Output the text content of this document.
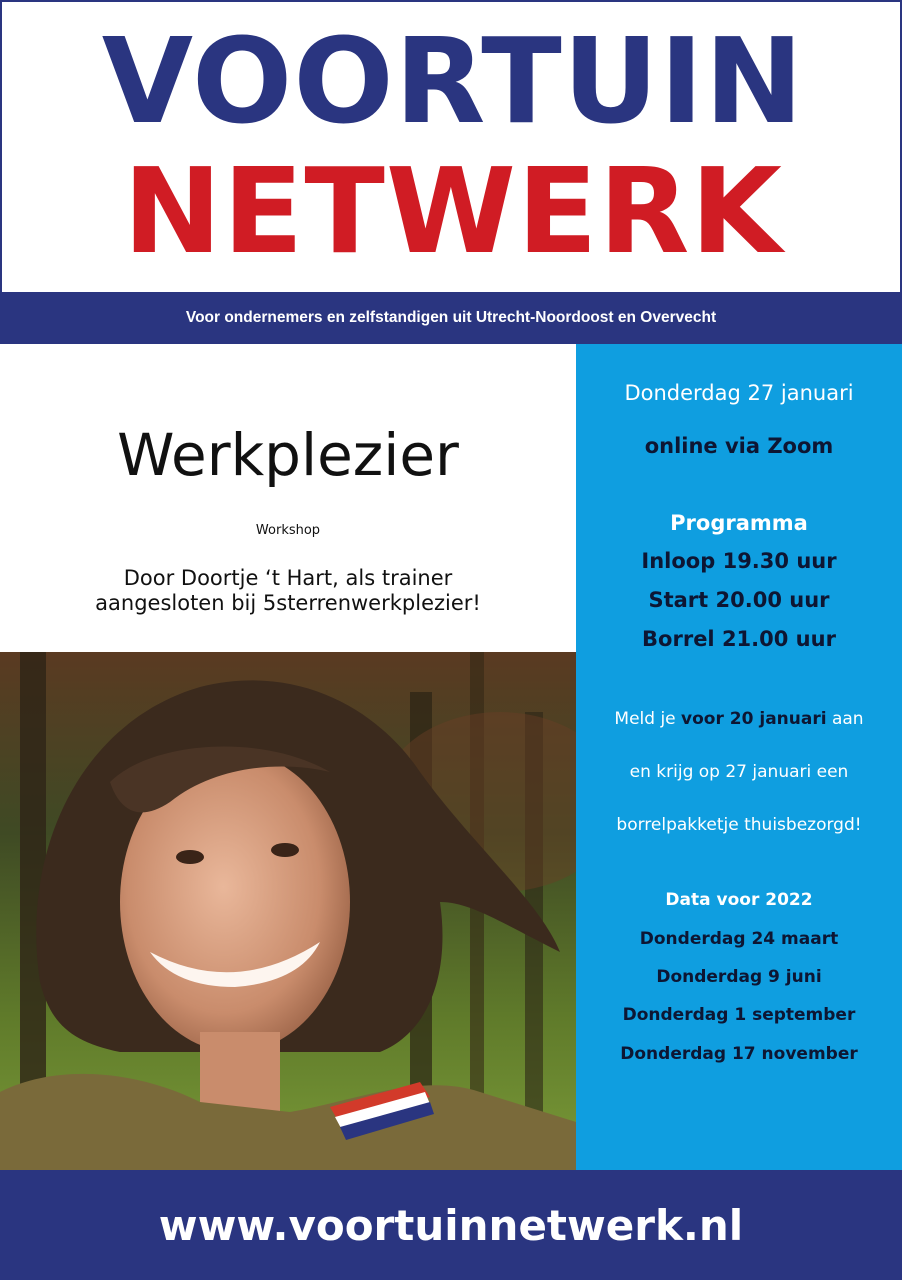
VOORTUIN
NETWERK
Voor ondernemers en zelfstandigen uit Utrecht-Noordoost en Overvecht
Werkplezier
Workshop
Door Doortje ‘t Hart, als trainer
aangesloten bij 5sterrenwerkplezier!
Donderdag 27 januari
online via Zoom
Programma
Inloop 19.30 uur
Start 20.00 uur
Borrel 21.00 uur
Meld je voor 20 januari aan
en krijg op 27 januari een
borrelpakketje thuisbezorgd!
Data voor 2022
Donderdag 24 maart
Donderdag 9 juni
Donderdag 1 september
Donderdag 17 november
www.voortuinnetwerk.nl
